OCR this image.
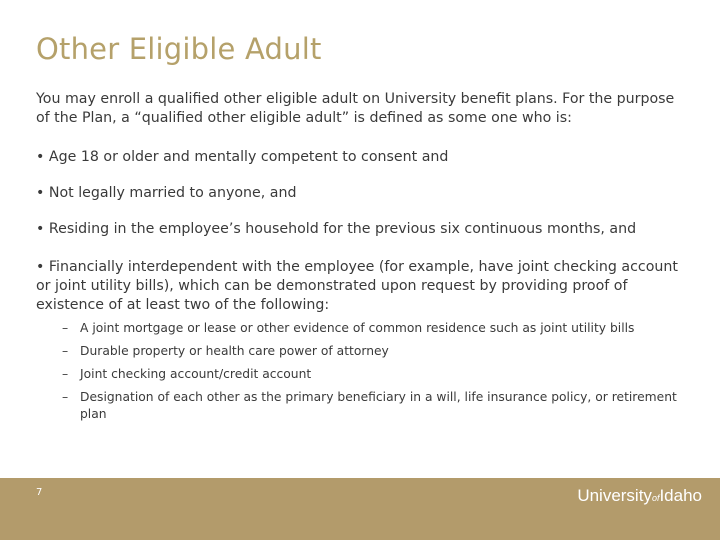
Other Eligible Adult
You may enroll a qualified other eligible adult on University benefit plans. For the purpose of the Plan, a “qualified other eligible adult” is defined as some one who is:
• Age 18 or older and mentally competent to consent and
• Not legally married to anyone, and
• Residing in the employee’s household for the previous six continuous months, and
• Financially interdependent with the employee (for example, have joint checking account or joint utility bills), which can be demonstrated upon request by providing proof of existence of at least two of the following:
– A joint mortgage or lease or other evidence of common residence such as joint utility bills
– Durable property or health care power of attorney
– Joint checking account/credit account
– Designation of each other as the primary beneficiary in a will, life insurance policy, or retirement plan
7	UniversityofIdaho
